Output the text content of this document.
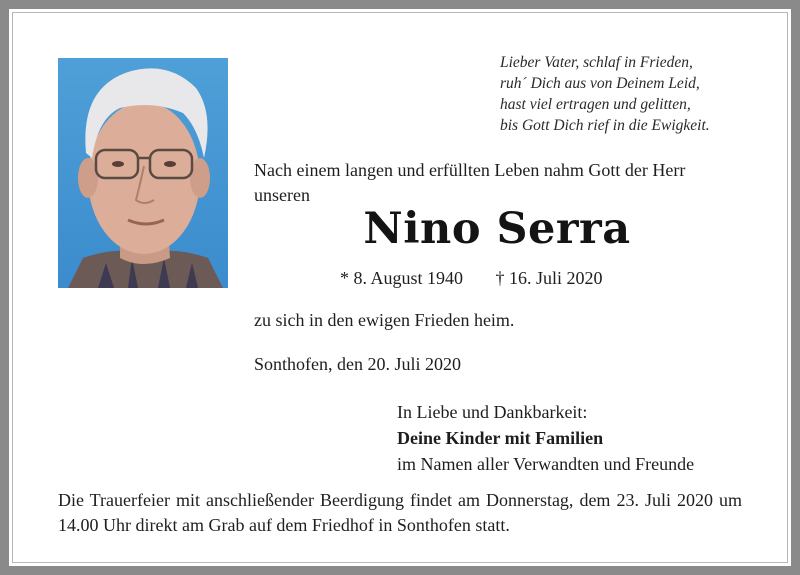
Lieber Vater, schlaf in Frieden,
ruh´ Dich aus von Deinem Leid,
hast viel ertragen und gelitten,
bis Gott Dich rief in die Ewigkeit.
Nach einem langen und erfüllten Leben nahm Gott der Herr unseren
Nino Serra
* 8. August 1940 † 16. Juli 2020
zu sich in den ewigen Frieden heim.
Sonthofen, den 20. Juli 2020
In Liebe und Dankbarkeit:
Deine Kinder mit Familien
im Namen aller Verwandten und Freunde
Die Trauerfeier mit anschließender Beerdigung findet am Donnerstag, dem 23. Juli 2020 um 14.00 Uhr direkt am Grab auf dem Friedhof in Sonthofen statt.
